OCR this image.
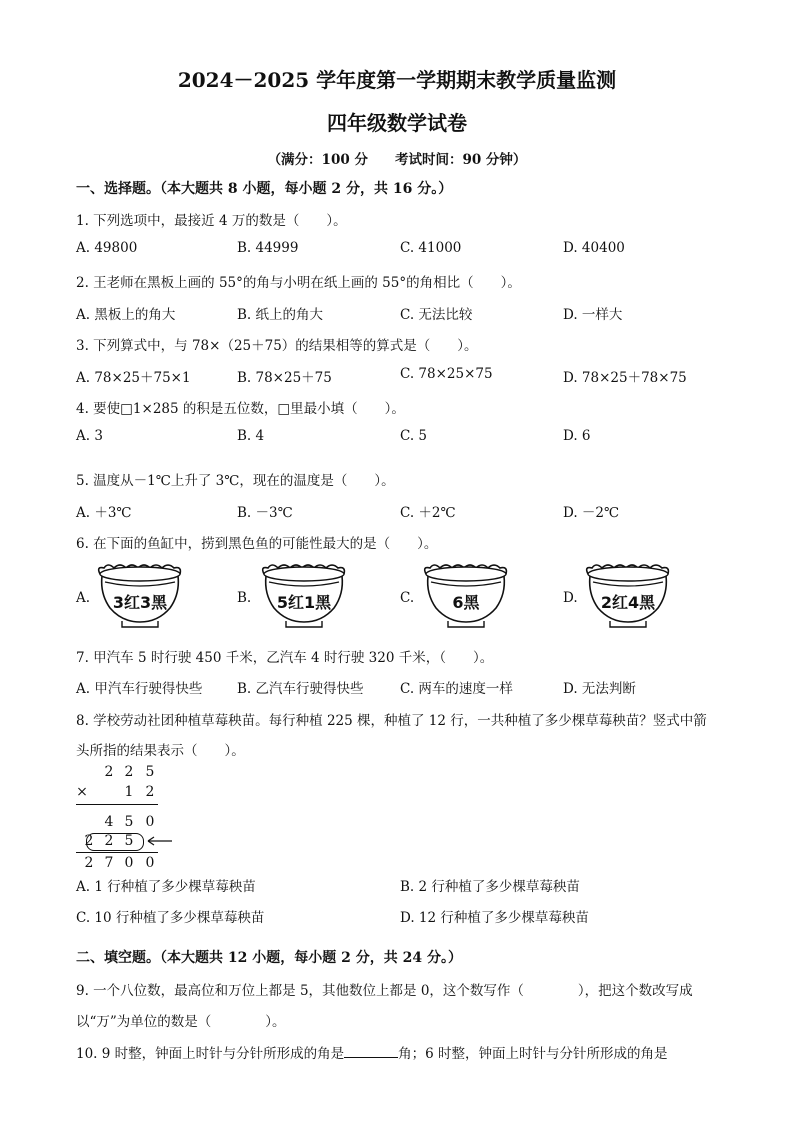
2024－2025 学年度第一学期期末教学质量监测
四年级数学试卷
（满分：100 分　　考试时间：90 分钟）
一、选择题。（本大题共 8 小题，每小题 2 分，共 16 分。）
1. 下列选项中，最接近 4 万的数是（　　）。
A. 49800	B. 44999	C. 41000	D. 40400
2. 王老师在黑板上画的 55°的角与小明在纸上画的 55°的角相比（　　）。
A. 黑板上的角大	B. 纸上的角大	C. 无法比较	D. 一样大
3. 下列算式中，与 78×（25＋75）的结果相等的算式是（　　）。
A. 78×25＋75×1	B. 78×25＋75	C. 78×25×75	D. 78×25＋78×75
4. 要使□1×285 的积是五位数，□里最小填（　　）。
A. 3	B. 4	C. 5	D. 6
5. 温度从－1℃上升了 3℃，现在的温度是（　　）。
A. ＋3℃	B. －3℃	C. ＋2℃	D. －2℃
6. 在下面的鱼缸中，捞到黑色鱼的可能性最大的是（　　）。
A.	B.	C.	D.
3红3黑	5红1黑	6黑	2红4黑
7. 甲汽车 5 时行驶 450 千米，乙汽车 4 时行驶 320 千米，（　　）。
A. 甲汽车行驶得快些	B. 乙汽车行驶得快些	C. 两车的速度一样	D. 无法判断
8. 学校劳动社团种植草莓秧苗。每行种植 225 棵，种植了 12 行，一共种植了多少棵草莓秧苗？竖式中箭
头所指的结果表示（　　）。
2 2 5
×	1 2
4 5 0
2 2 5
2 7 0 0
A. 1 行种植了多少棵草莓秧苗	B. 2 行种植了多少棵草莓秧苗
C. 10 行种植了多少棵草莓秧苗	D. 12 行种植了多少棵草莓秧苗
二、填空题。（本大题共 12 小题，每小题 2 分，共 24 分。）
9. 一个八位数，最高位和万位上都是 5，其他数位上都是 0，这个数写作（　　　　），把这个数改写成
以“万”为单位的数是（　　　　）。
10. 9 时整，钟面上时针与分针所形成的角是	角；6 时整，钟面上时针与分针所形成的角是
